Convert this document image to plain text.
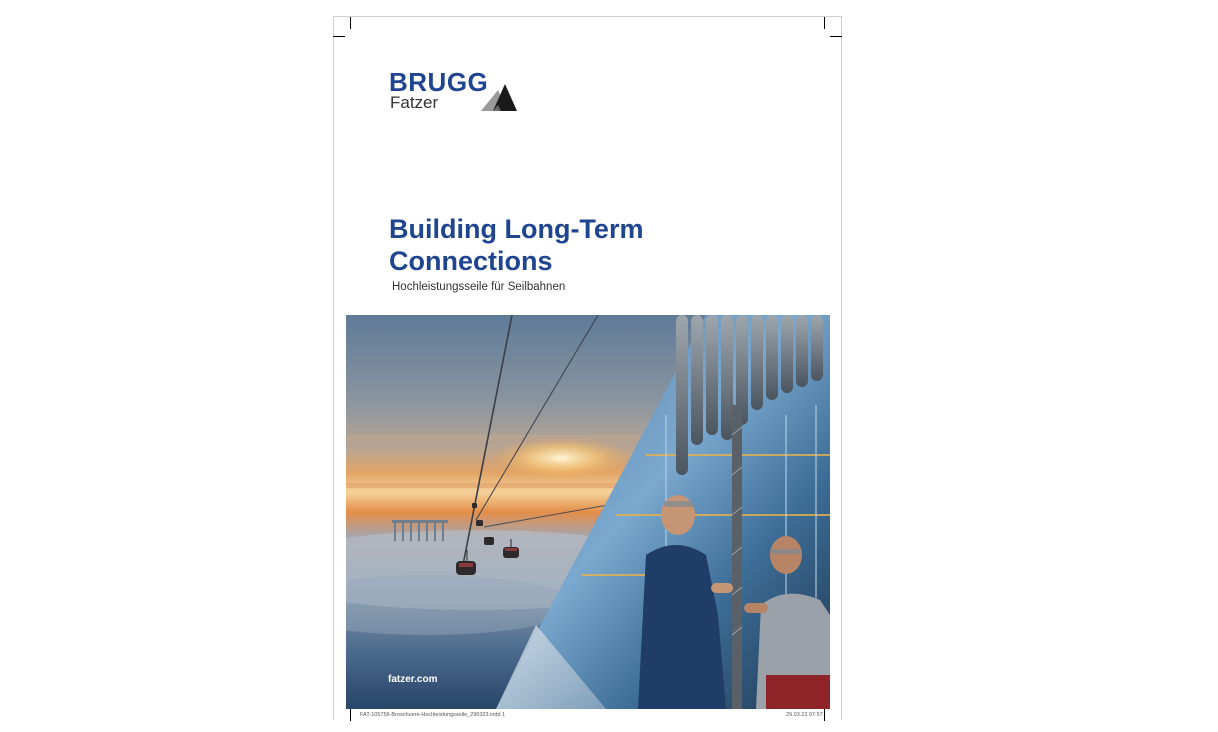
BRUGG
Fatzer
Building Long-Term
Connections
Hochleistungsseile für Seilbahnen
fatzer.com
FAT-105756-Broschuere-Hochleistungsseile_290323.indd 1	29.03.23 07:57
